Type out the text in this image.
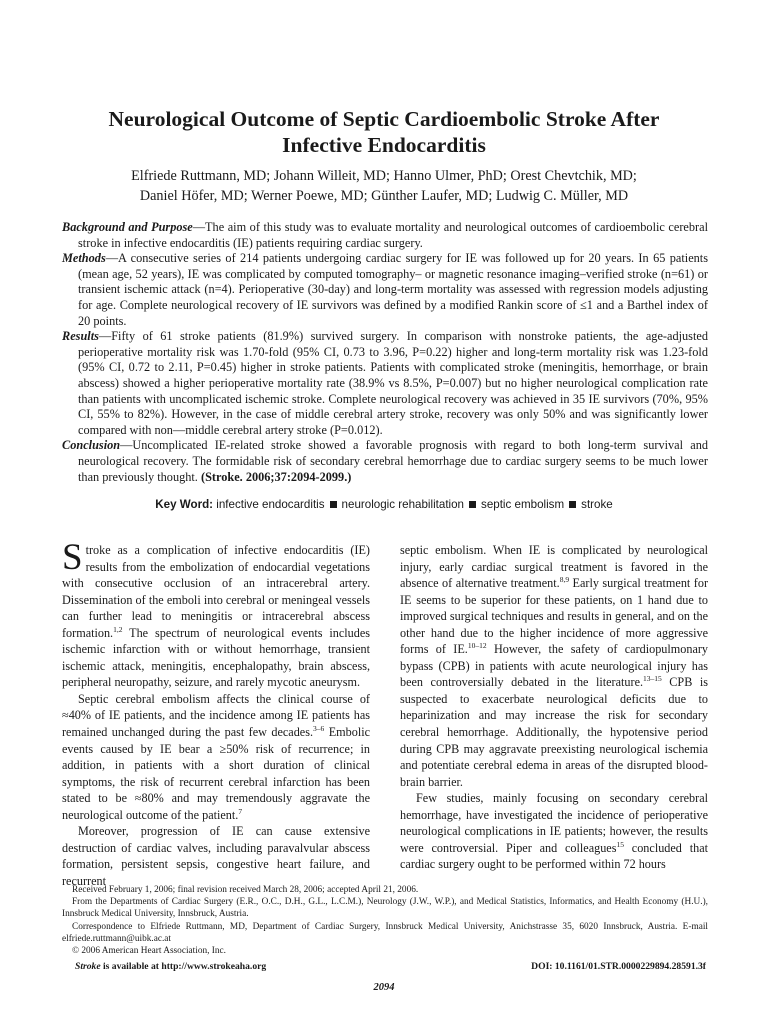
Neurological Outcome of Septic Cardioembolic Stroke After
Infective Endocarditis
Elfriede Ruttmann, MD; Johann Willeit, MD; Hanno Ulmer, PhD; Orest Chevtchik, MD;
Daniel Höfer, MD; Werner Poewe, MD; Günther Laufer, MD; Ludwig C. Müller, MD

Background and Purpose—The aim of this study was to evaluate mortality and neurological outcomes of cardioembolic cerebral stroke in infective endocarditis (IE) patients requiring cardiac surgery.

Methods—A consecutive series of 214 patients undergoing cardiac surgery for IE was followed up for 20 years. In 65 patients (mean age, 52 years), IE was complicated by computed tomography– or magnetic resonance imaging–verified stroke (n=61) or transient ischemic attack (n=4). Perioperative (30-day) and long-term mortality was assessed with regression models adjusting for age. Complete neurological recovery of IE survivors was defined by a modified Rankin score of ≤1 and a Barthel index of 20 points.

Results—Fifty of 61 stroke patients (81.9%) survived surgery. In comparison with nonstroke patients, the age-adjusted perioperative mortality risk was 1.70-fold (95% CI, 0.73 to 3.96, P=0.22) higher and long-term mortality risk was 1.23-fold (95% CI, 0.72 to 2.11, P=0.45) higher in stroke patients. Patients with complicated stroke (meningitis, hemorrhage, or brain abscess) showed a higher perioperative mortality rate (38.9% vs 8.5%, P=0.007) but no higher neurological complication rate than patients with uncomplicated ischemic stroke. Complete neurological recovery was achieved in 35 IE survivors (70%, 95% CI, 55% to 82%). However, in the case of middle cerebral artery stroke, recovery was only 50% and was significantly lower compared with non—middle cerebral artery stroke (P=0.012).

Conclusion—Uncomplicated IE-related stroke showed a favorable prognosis with regard to both long-term survival and neurological recovery. The formidable risk of secondary cerebral hemorrhage due to cardiac surgery seems to be much lower than previously thought. (Stroke. 2006;37:2094-2099.)

Key Word: infective endocarditis neurologic rehabilitation septic embolism stroke

Stroke as a complication of infective endocarditis (IE) results from the embolization of endocardial vegetations with consecutive occlusion of an intracerebral artery. Dissemination of the emboli into cerebral or meningeal vessels can further lead to meningitis or intracerebral abscess formation.$^{1,2}$ The spectrum of neurological events includes ischemic infarction with or without hemorrhage, transient ischemic attack, meningitis, encephalopathy, brain abscess, peripheral neuropathy, seizure, and rarely mycotic aneurysm.

Septic cerebral embolism affects the clinical course of ≈40% of IE patients, and the incidence among IE patients has remained unchanged during the past few decades.$^{3-6}$ Embolic events caused by IE bear a ≥50% risk of recurrence; in addition, in patients with a short duration of clinical symptoms, the risk of recurrent cerebral infarction has been stated to be ≈80% and may tremendously aggravate the neurological outcome of the patient.$^7$

Moreover, progression of IE can cause extensive destruction of cardiac valves, including paravalvular abscess formation, persistent sepsis, congestive heart failure, and recurrent

septic embolism. When IE is complicated by neurological injury, early cardiac surgical treatment is favored in the absence of alternative treatment.$^{8,9}$ Early surgical treatment for IE seems to be superior for these patients, on 1 hand due to improved surgical techniques and results in general, and on the other hand due to the higher incidence of more aggressive forms of IE.$^{10-12}$ However, the safety of cardiopulmonary bypass (CPB) in patients with acute neurological injury has been controversially debated in the literature.$^{13-15}$ CPB is suspected to exacerbate neurological deficits due to heparinization and may increase the risk for secondary cerebral hemorrhage. Additionally, the hypotensive period during CPB may aggravate preexisting neurological ischemia and potentiate cerebral edema in areas of the disrupted blood-brain barrier.

Few studies, mainly focusing on secondary cerebral hemorrhage, have investigated the incidence of perioperative neurological complications in IE patients; however, the results were controversial. Piper and colleagues$^{15}$ concluded that cardiac surgery ought to be performed within 72 hours

Received February 1, 2006; final revision received March 28, 2006; accepted April 21, 2006.

From the Departments of Cardiac Surgery (E.R., O.C., D.H., G.L., L.C.M.), Neurology (J.W., W.P.), and Medical Statistics, Informatics, and Health Economy (H.U.), Innsbruck Medical University, Innsbruck, Austria.

Correspondence to Elfriede Ruttmann, MD, Department of Cardiac Surgery, Innsbruck Medical University, Anichstrasse 35, 6020 Innsbruck, Austria. E-mail elfriede.ruttmann@uibk.ac.at

© 2006 American Heart Association, Inc.

Stroke is available at http://www.strokeaha.org	DOI: 10.1161/01.STR.0000229894.28591.3f
2094
